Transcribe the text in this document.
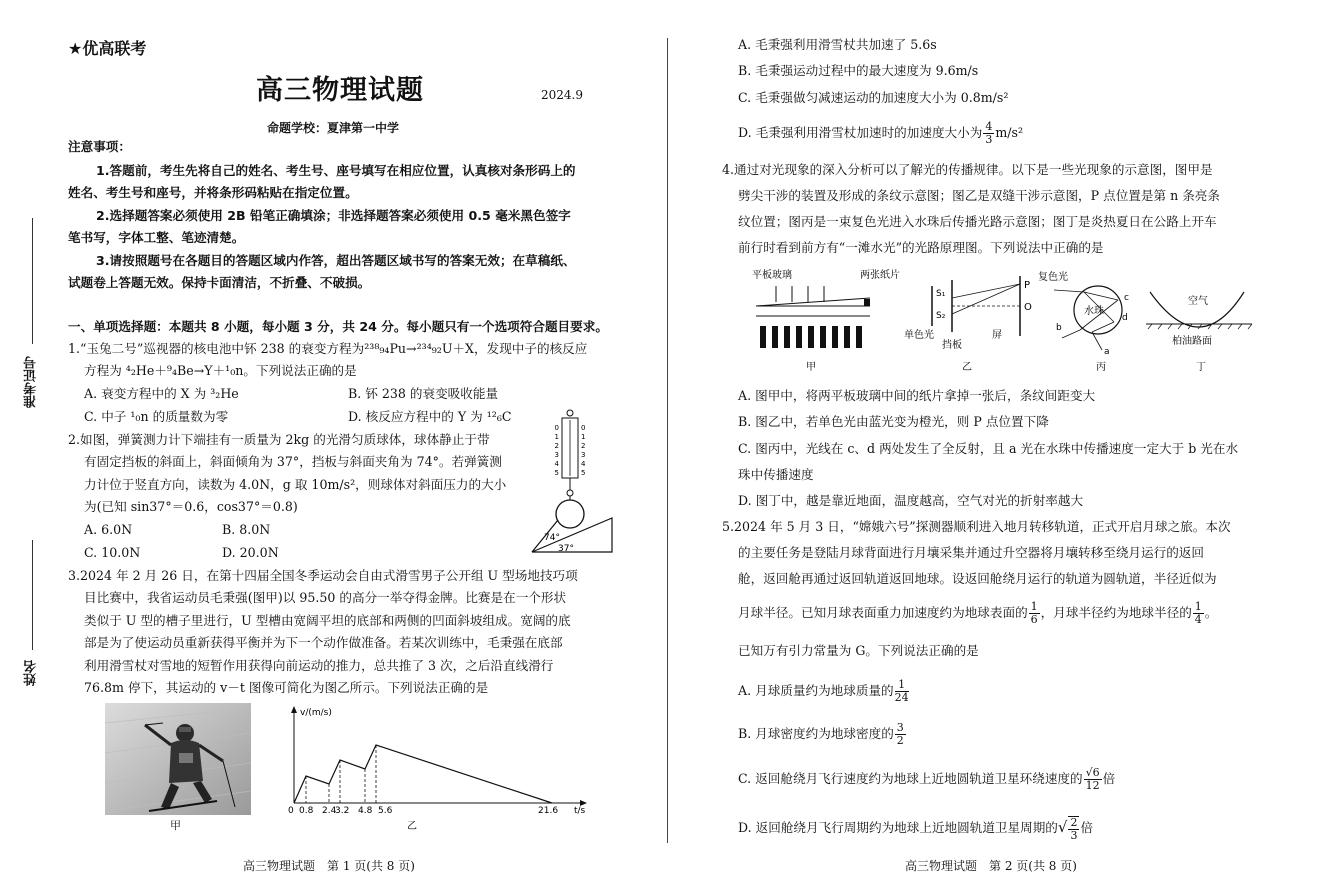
★优高联考
高三物理试题	2024.9
命题学校：夏津第一中学
注意事项：
1.答题前，考生先将自己的姓名、考生号、座号填写在相应位置，认真核对条形码上的
姓名、考生号和座号，并将条形码粘贴在指定位置。
2.选择题答案必须使用 2B 铅笔正确填涂；非选择题答案必须使用 0.5 毫米黑色签字
笔书写，字体工整、笔迹清楚。
3.请按照题号在各题目的答题区域内作答，超出答题区域书写的答案无效；在草稿纸、
试题卷上答题无效。保持卡面清洁，不折叠、不破损。
准考证号
姓名
一、单项选择题：本题共 8 小题，每小题 3 分，共 24 分。每小题只有一个选项符合题目要求。
1.“玉兔二号”巡视器的核电池中钚 238 的衰变方程为²³⁸₉₄Pu→²³⁴₉₂U＋X，发现中子的核反应
方程为 ⁴₂He＋⁹₄Be→Y＋¹₀n。下列说法正确的是
A. 衰变方程中的 X 为 ³₂He	B. 钚 238 的衰变吸收能量
C. 中子 ¹₀n 的质量数为零	D. 核反应方程中的 Y 为 ¹²₆C
2.如图，弹簧测力计下端挂有一质量为 2kg 的光滑匀质球体，球体静止于带
有固定挡板的斜面上，斜面倾角为 37°，挡板与斜面夹角为 74°。若弹簧测
力计位于竖直方向，读数为 4.0N，g 取 10m/s²，则球体对斜面压力的大小
为(已知 sin37°＝0.6，cos37°＝0.8)
A. 6.0N	B. 8.0N
C. 10.0N	D. 20.0N
0
1
2
3
4
5
0
1
2
3
4
5
74°
37°
3.2024 年 2 月 26 日，在第十四届全国冬季运动会自由式滑雪男子公开组 U 型场地技巧项
目比赛中，我省运动员毛秉强(图甲)以 95.50 的高分一举夺得金牌。比赛是在一个形状
类似于 U 型的槽子里进行，U 型槽由宽阔平坦的底部和两侧的凹面斜坡组成。宽阔的底
部是为了使运动员重新获得平衡并为下一个动作做准备。若某次训练中，毛秉强在底部
利用滑雪杖对雪地的短暂作用获得向前运动的推力，总共推了 3 次，之后沿直线滑行
76.8m 停下，其运动的 v－t 图像可简化为图乙所示。下列说法正确的是
甲
v/(m/s)
t/s
0 0.8 2.4
3.2 4.8 5.6	21.6
乙
高三物理试题　第 1 页(共 8 页)	高三物理试题　第 2 页(共 8 页)
A. 毛秉强利用滑雪杖共加速了 5.6s
B. 毛秉强运动过程中的最大速度为 9.6m/s
C. 毛秉强做匀减速运动的加速度大小为 0.8m/s²
D. 毛秉强利用滑雪杖加速时的加速度大小为 $\frac{4}{3} m/s^2$
4.通过对光现象的深入分析可以了解光的传播规律。以下是一些光现象的示意图，图甲是
劈尖干涉的装置及形成的条纹示意图；图乙是双缝干涉示意图，P 点位置是第 n 条亮条
纹位置；图丙是一束复色光进入水珠后传播光路示意图；图丁是炎热夏日在公路上开车
前行时看到前方有“一滩水光”的光路原理图。下列说法中正确的是
平板玻璃	两张纸片
甲
S₁
S₂
P
O
单色光
挡板
屏
乙
复色光
水珠
c
d
b
a
丙
空气
柏油路面
丁
A. 图甲中，将两平板玻璃中间的纸片拿掉一张后，条纹间距变大
B. 图乙中，若单色光由蓝光变为橙光，则 P 点位置下降
C. 图丙中，光线在 c、d 两处发生了全反射，且 a 光在水珠中传播速度一定大于 b 光在水
珠中传播速度
D. 图丁中，越是靠近地面，温度越高，空气对光的折射率越大
5.2024 年 5 月 3 日，“嫦娥六号”探测器顺利进入地月转移轨道，正式开启月球之旅。本次
的主要任务是登陆月球背面进行月壤采集并通过升空器将月壤转移至绕月运行的返回
舱，返回舱再通过返回轨道返回地球。设返回舱绕月运行的轨道为圆轨道，半径近似为
月球半径。已知月球表面重力加速度约为地球表面的 $\frac{1}{6}$ ，月球半径约为地球半径的 $\frac{1}{4}$ 。
已知万有引力常量为 G。下列说法正确的是
A. 月球质量约为地球质量的 $\frac{1}{24}$
B. 月球密度约为地球密度的 $\frac{3}{2}$
C. 返回舱绕月飞行速度约为地球上近地圆轨道卫星环绕速度的 $\frac{√6}{12}$ 倍
D. 返回舱绕月飞行周期约为地球上近地圆轨道卫星周期的√ $\frac{2}{3}$ 倍
